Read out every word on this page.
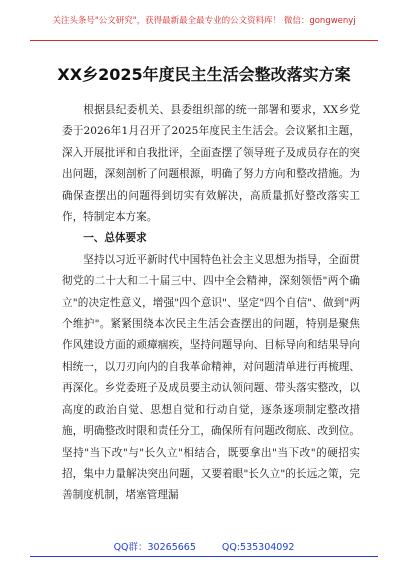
关注头条号"公文研究"，获得最新最全最专业的公文资料库！ 微信：gongwenyj
XX乡2025年度民主生活会整改落实方案

根据县纪委机关、县委组织部的统一部署和要求，XX乡党委于2026年1月召开了2025年度民主生活会。会议紧扣主题，深入开展批评和自我批评，全面查摆了领导班子及成员存在的突出问题，深刻剖析了问题根源，明确了努力方向和整改措施。为确保查摆出的问题得到切实有效解决，高质量抓好整改落实工作，特制定本方案。

一、总体要求

坚持以习近平新时代中国特色社会主义思想为指导，全面贯彻党的二十大和二十届三中、四中全会精神，深刻领悟"两个确立"的决定性意义，增强"四个意识"、坚定"四个自信"、做到"两个维护"。紧紧围绕本次民主生活会查摆出的问题，特别是聚焦作风建设方面的顽瘴痼疾，坚持问题导向、目标导向和结果导向相统一，以刀刃向内的自我革命精神，对问题清单进行再梳理、再深化。乡党委班子及成员要主动认领问题、带头落实整改，以高度的政治自觉、思想自觉和行动自觉，逐条逐项制定整改措施，明确整改时限和责任分工，确保所有问题改彻底、改到位。坚持"当下改"与"长久立"相结合，既要拿出"当下改"的硬招实招，集中力量解决突出问题，又要着眼"长久立"的长远之策，完善制度机制，堵塞管理漏

QQ群：30265665	QQ:535304092
